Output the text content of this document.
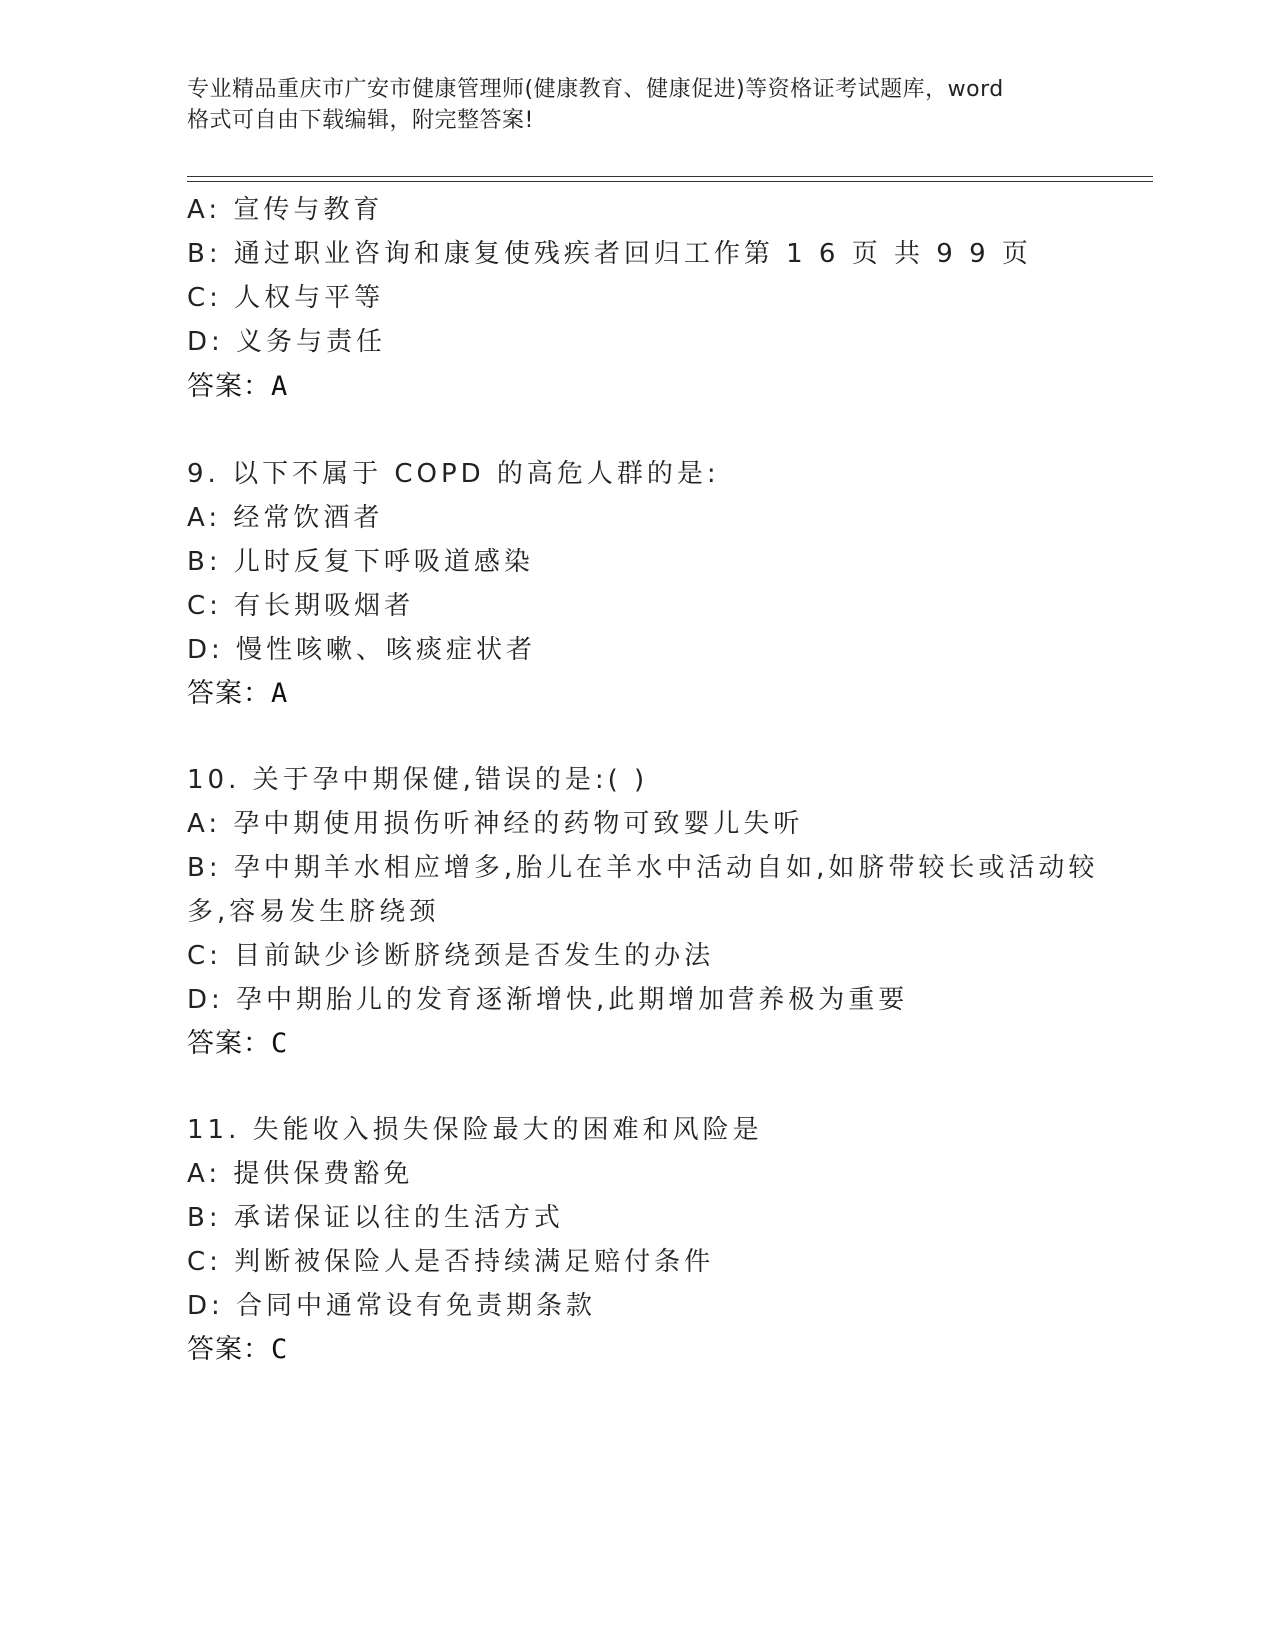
专业精品重庆市广安市健康管理师(健康教育、健康促进)等资格证考试题库，word
格式可自由下载编辑，附完整答案!
A: 宣传与教育
B: 通过职业咨询和康复使残疾者回归工作第 1 6 页 共 9 9 页
C: 人权与平等
D: 义务与责任
答案：A
9. 以下不属于 COPD 的高危人群的是:
A: 经常饮酒者
B: 儿时反复下呼吸道感染
C: 有长期吸烟者
D: 慢性咳嗽、咳痰症状者
答案：A
10. 关于孕中期保健,错误的是:( )
A: 孕中期使用损伤听神经的药物可致婴儿失听
B: 孕中期羊水相应增多,胎儿在羊水中活动自如,如脐带较长或活动较
多,容易发生脐绕颈
C: 目前缺少诊断脐绕颈是否发生的办法
D: 孕中期胎儿的发育逐渐增快,此期增加营养极为重要
答案：C
11. 失能收入损失保险最大的困难和风险是
A: 提供保费豁免
B: 承诺保证以往的生活方式
C: 判断被保险人是否持续满足赔付条件
D: 合同中通常设有免责期条款
答案：C
